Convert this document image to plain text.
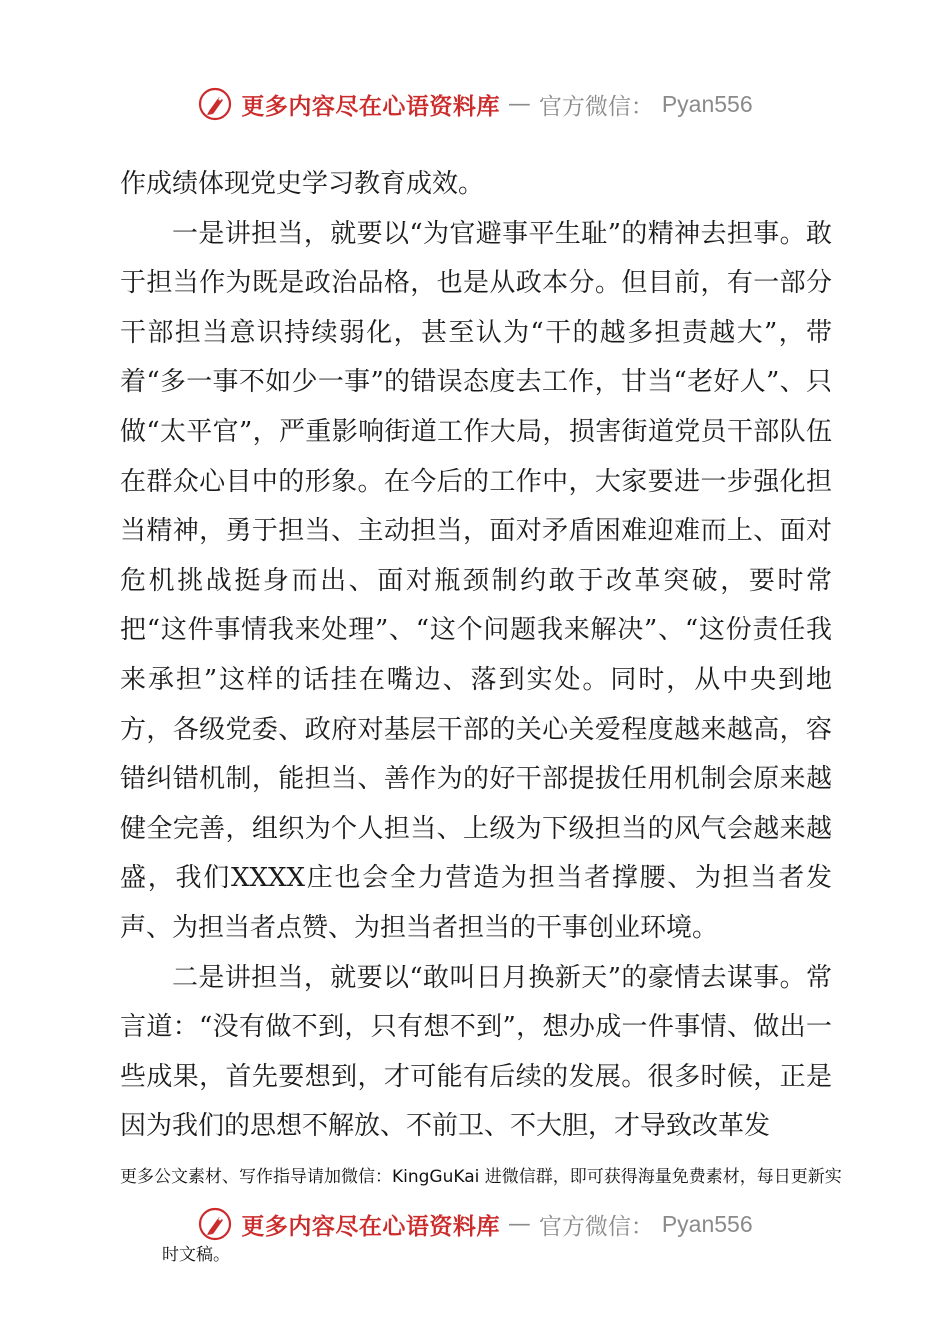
更多内容尽在心语资料库 — 官方微信： Pyan556

作成绩体现党史学习教育成效。

一是讲担当，就要以“为官避事平生耻”的精神去担事。敢于担当作为既是政治品格，也是从政本分。但目前，有一部分干部担当意识持续弱化，甚至认为“干的越多担责越大”，带着“多一事不如少一事”的错误态度去工作，甘当“老好人”、只做“太平官”，严重影响街道工作大局，损害街道党员干部队伍在群众心目中的形象。在今后的工作中，大家要进一步强化担当精神，勇于担当、主动担当，面对矛盾困难迎难而上、面对危机挑战挺身而出、面对瓶颈制约敢于改革突破，要时常把“这件事情我来处理”、“这个问题我来解决”、“这份责任我来承担”这样的话挂在嘴边、落到实处。同时，从中央到地方，各级党委、政府对基层干部的关心关爱程度越来越高，容错纠错机制，能担当、善作为的好干部提拔任用机制会原来越健全完善，组织为个人担当、上级为下级担当的风气会越来越盛，我们XXXX庄也会全力营造为担当者撑腰、为担当者发声、为担当者点赞、为担当者担当的干事创业环境。

二是讲担当，就要以“敢叫日月换新天”的豪情去谋事。常言道：“没有做不到，只有想不到”，想办成一件事情、做出一些成果，首先要想到，才可能有后续的发展。很多时候，正是因为我们的思想不解放、不前卫、不大胆，才导致改革发

更多公文素材、写作指导请加微信：KingGuKai 进微信群，即可获得海量免费素材，每日更新实
更多内容尽在心语资料库 — 官方微信： Pyan556
时文稿。
